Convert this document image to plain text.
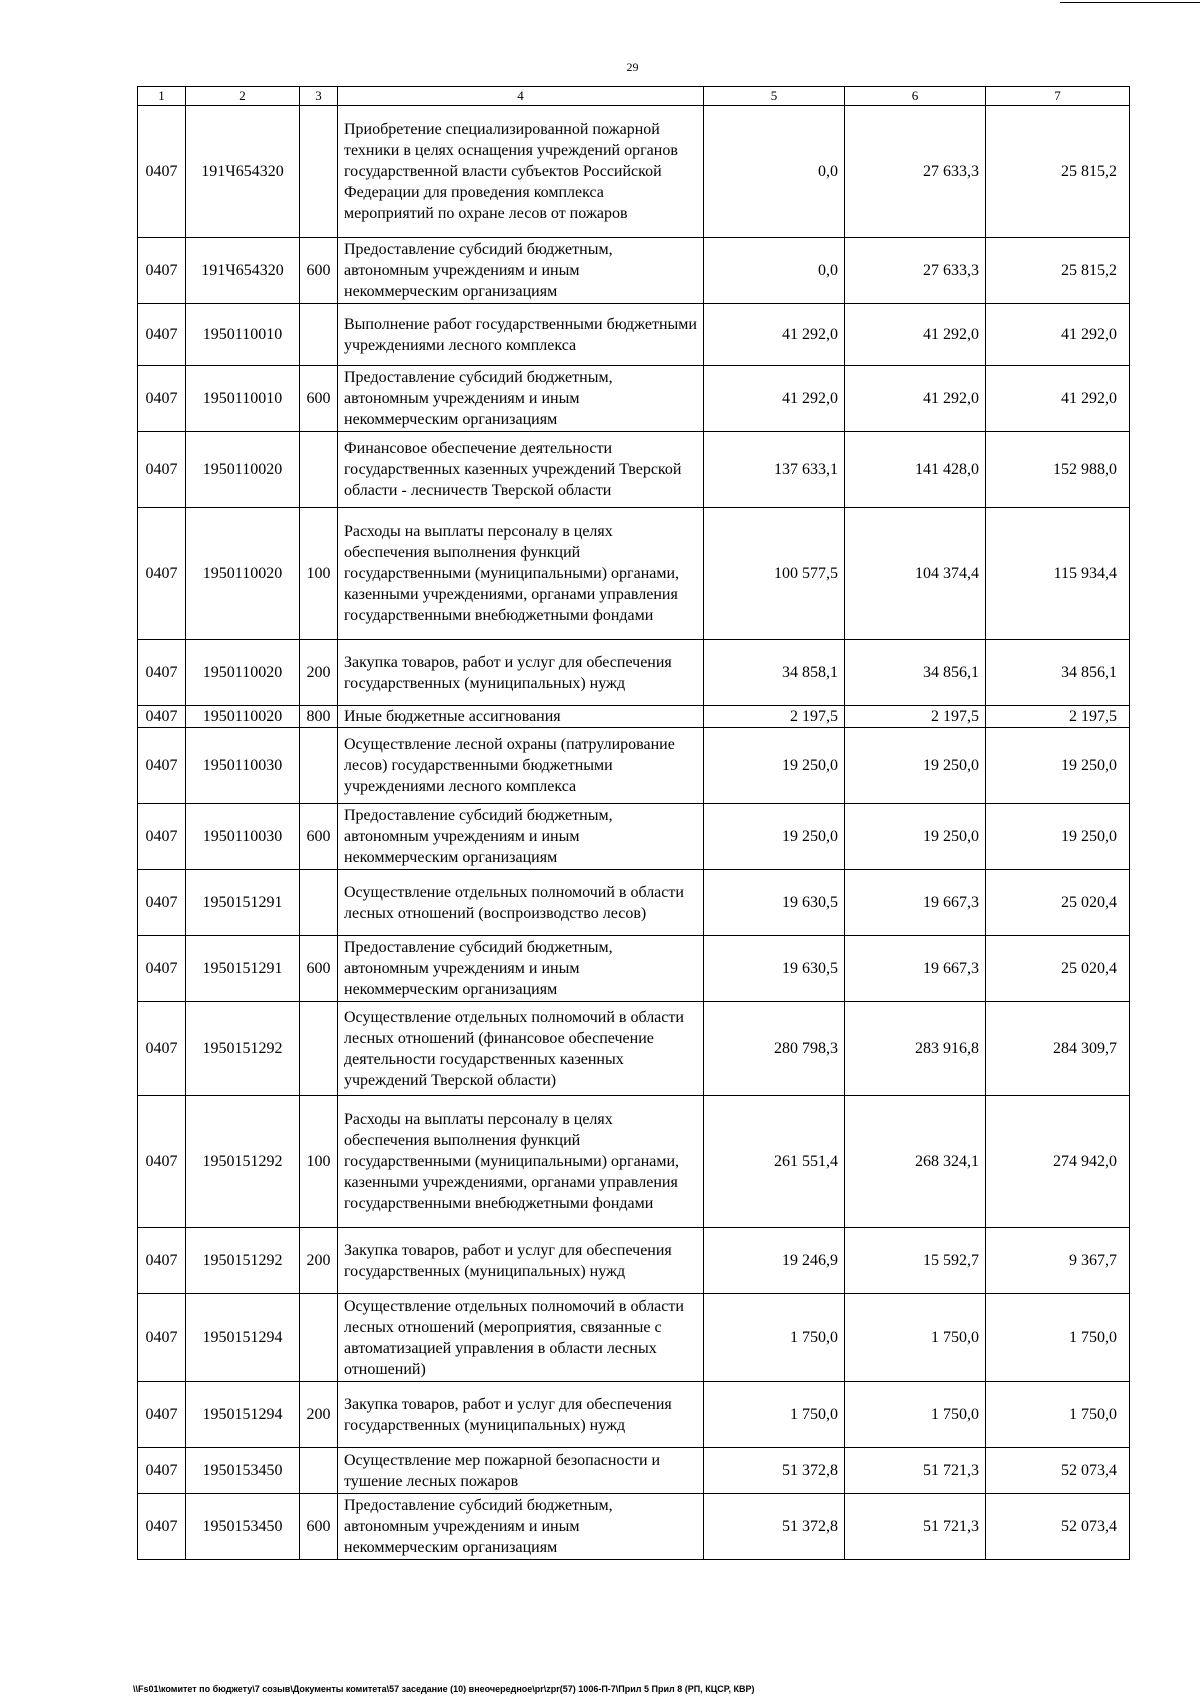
29
1	2	3	4	5	6	7
0407	191Ч654320		Приобретение специализированной пожарной техники в целях оснащения учреждений органов государственной власти субъектов Российской Федерации для проведения комплекса мероприятий по охране лесов от пожаров	0,0	27 633,3	25 815,2
0407	191Ч654320	600	Предоставление субсидий бюджетным, автономным учреждениям и иным некоммерческим организациям	0,0	27 633,3	25 815,2
0407	1950110010		Выполнение работ государственными бюджетными учреждениями лесного комплекса	41 292,0	41 292,0	41 292,0
0407	1950110010	600	Предоставление субсидий бюджетным, автономным учреждениям и иным некоммерческим организациям	41 292,0	41 292,0	41 292,0
0407	1950110020		Финансовое обеспечение деятельности государственных казенных учреждений Тверской области - лесничеств Тверской области	137 633,1	141 428,0	152 988,0
0407	1950110020	100	Расходы на выплаты персоналу в целях обеспечения выполнения функций государственными (муниципальными) органами, казенными учреждениями, органами управления государственными внебюджетными фондами	100 577,5	104 374,4	115 934,4
0407	1950110020	200	Закупка товаров, работ и услуг для обеспечения государственных (муниципальных) нужд	34 858,1	34 856,1	34 856,1
0407	1950110020	800	Иные бюджетные ассигнования	2 197,5	2 197,5	2 197,5
0407	1950110030		Осуществление лесной охраны (патрулирование лесов) государственными бюджетными учреждениями лесного комплекса	19 250,0	19 250,0	19 250,0
0407	1950110030	600	Предоставление субсидий бюджетным, автономным учреждениям и иным некоммерческим организациям	19 250,0	19 250,0	19 250,0
0407	1950151291		Осуществление отдельных полномочий в области лесных отношений (воспроизводство лесов)	19 630,5	19 667,3	25 020,4
0407	1950151291	600	Предоставление субсидий бюджетным, автономным учреждениям и иным некоммерческим организациям	19 630,5	19 667,3	25 020,4
0407	1950151292		Осуществление отдельных полномочий в области лесных отношений (финансовое обеспечение деятельности государственных казенных учреждений Тверской области)	280 798,3	283 916,8	284 309,7
0407	1950151292	100	Расходы на выплаты персоналу в целях обеспечения выполнения функций государственными (муниципальными) органами, казенными учреждениями, органами управления государственными внебюджетными фондами	261 551,4	268 324,1	274 942,0
0407	1950151292	200	Закупка товаров, работ и услуг для обеспечения государственных (муниципальных) нужд	19 246,9	15 592,7	9 367,7
0407	1950151294		Осуществление отдельных полномочий в области лесных отношений (мероприятия, связанные с автоматизацией управления в области лесных отношений)	1 750,0	1 750,0	1 750,0
0407	1950151294	200	Закупка товаров, работ и услуг для обеспечения государственных (муниципальных) нужд	1 750,0	1 750,0	1 750,0
0407	1950153450		Осуществление мер пожарной безопасности и тушение лесных пожаров	51 372,8	51 721,3	52 073,4
0407	1950153450	600	Предоставление субсидий бюджетным, автономным учреждениям и иным некоммерческим организациям	51 372,8	51 721,3	52 073,4
\\Fs01\комитет по бюджету\7 созыв\Документы комитета\57 заседание (10) внеочередное\pr\zpr(57) 1006-П-7\Прил 5 Прил 8 (РП, КЦСР, КВР)
